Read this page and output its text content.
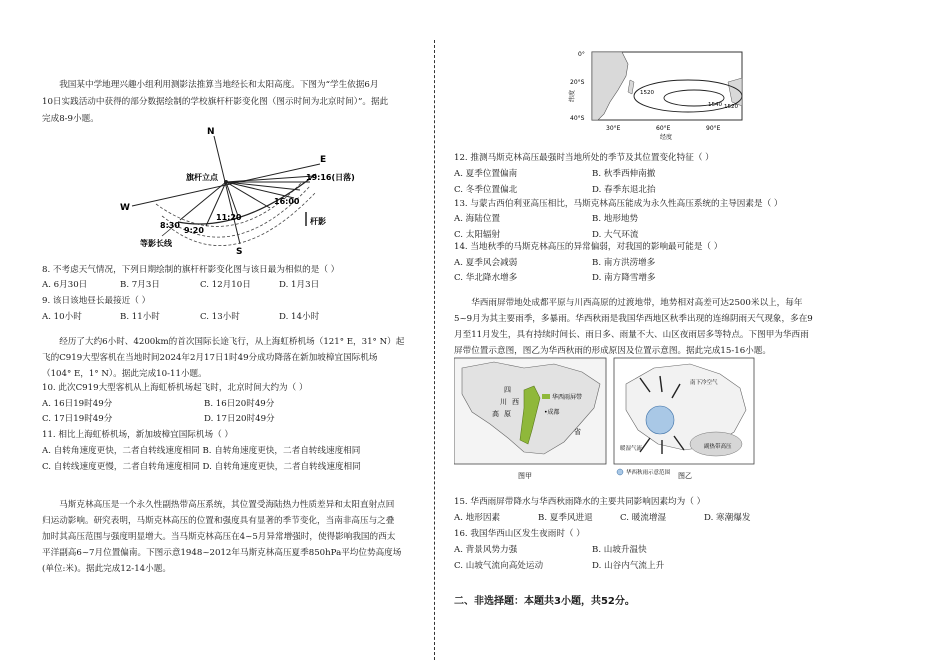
我国某中学地理兴趣小组利用测影法推算当地经长和太阳高度。下图为“学生依据6月
10日实践活动中获得的部分数据绘制的学校旗杆杆影变化图（图示时间为北京时间）”。据此
完成8-9小题。
N
S
E
W
旗杆立点	19:16(日落)
16:00
11:20
8:30
9:20
杆影
等影长线
8. 不考虑天气情况，下列日期绘制的旗杆杆影变化图与该日最为相似的是（ ）
A. 6月30日	B. 7月3日	C. 12月10日	D. 1月3日
9. 该日该地昼长最接近（ ）
A. 10小时	B. 11小时	C. 13小时	D. 14小时
经历了大约6小时、4200km的首次国际长途飞行，从上海虹桥机场（121° E，31° N）起
飞的C919大型客机在当地时间2024年2月17日1时49分成功降落在新加坡樟宜国际机场
（104° E，1° N）。据此完成10-11小题。
10. 此次C919大型客机从上海虹桥机场起飞时，北京时间大约为（ ）
A. 16日19时49分	B. 16日20时49分
C. 17日19时49分	D. 17日20时49分
11. 相比上海虹桥机场，新加坡樟宜国际机场（ ）
A. 自转角速度更快，二者自转线速度相同 B. 自转角速度更快，二者自转线速度相同
C. 自转线速度更慢，二者自转角速度相同 D. 自转角速度更快，二者自转线速度相同
马斯克林高压是一个永久性副热带高压系统，其位置受海陆热力性质差异和太阳直射点回
归运动影响。研究表明，马斯克林高压的位置和强度具有显著的季节变化，当南非高压与之叠
加时其高压范围与强度明显增大。当马斯克林高压在4~5月异常增强时，使得影响我国的西太
平洋副高6~7月位置偏南。下图示意1948~2012年马斯克林高压夏季850hPa平均位势高度场
(单位:米)。据此完成12-14小题。
1520
1540 1520
0°
20°S
40°S
纬度
30°E	60°E	90°E
经度
12. 推测马斯克林高压最强时当地所处的季节及其位置变化特征（ ）
A. 夏季位置偏南	B. 秋季西伸南撤
C. 冬季位置偏北	D. 春季东退北抬
13. 与蒙古西伯利亚高压相比，马斯克林高压能成为永久性高压系统的主导因素是（ ）
A. 海陆位置	B. 地形地势
C. 太阳辐射	D. 大气环流
14. 当地秋季的马斯克林高压的异常偏弱，对我国的影响最可能是（ ）
A. 夏季风会减弱	B. 南方洪涝增多
C. 华北降水增多	D. 南方降雪增多
华西雨屏带地处成都平原与川西高原的过渡地带，地势相对高差可达2500米以上，每年
5~9月为其主要雨季，多暴雨。华西秋雨是我国华西地区秋季出现的连绵阴雨天气现象，多在9
月至11月发生，具有持续时间长、雨日多、雨量不大、山区夜雨居多等特点。下图甲为华西雨
屏带位置示意图，图乙为华西秋雨的形成原因及位置示意图。据此完成15-16小题。
华西雨屏带
•成都
四
川 西
高 原
省
图甲
副热带高压
暖湿气流
南下冷空气
华西秋雨示意范围 图乙
15. 华西雨屏带降水与华西秋雨降水的主要共同影响因素均为（ ）
A. 地形因素	B. 夏季风进退	C. 暖流增湿	D. 寒潮爆发
16. 我国华西山区发生夜雨时（ ）
A. 背景风势力强	B. 山坡升温快
C. 山坡气流向高处运动	D. 山谷内气流上升
二、非选择题：本题共3小题，共52分。
